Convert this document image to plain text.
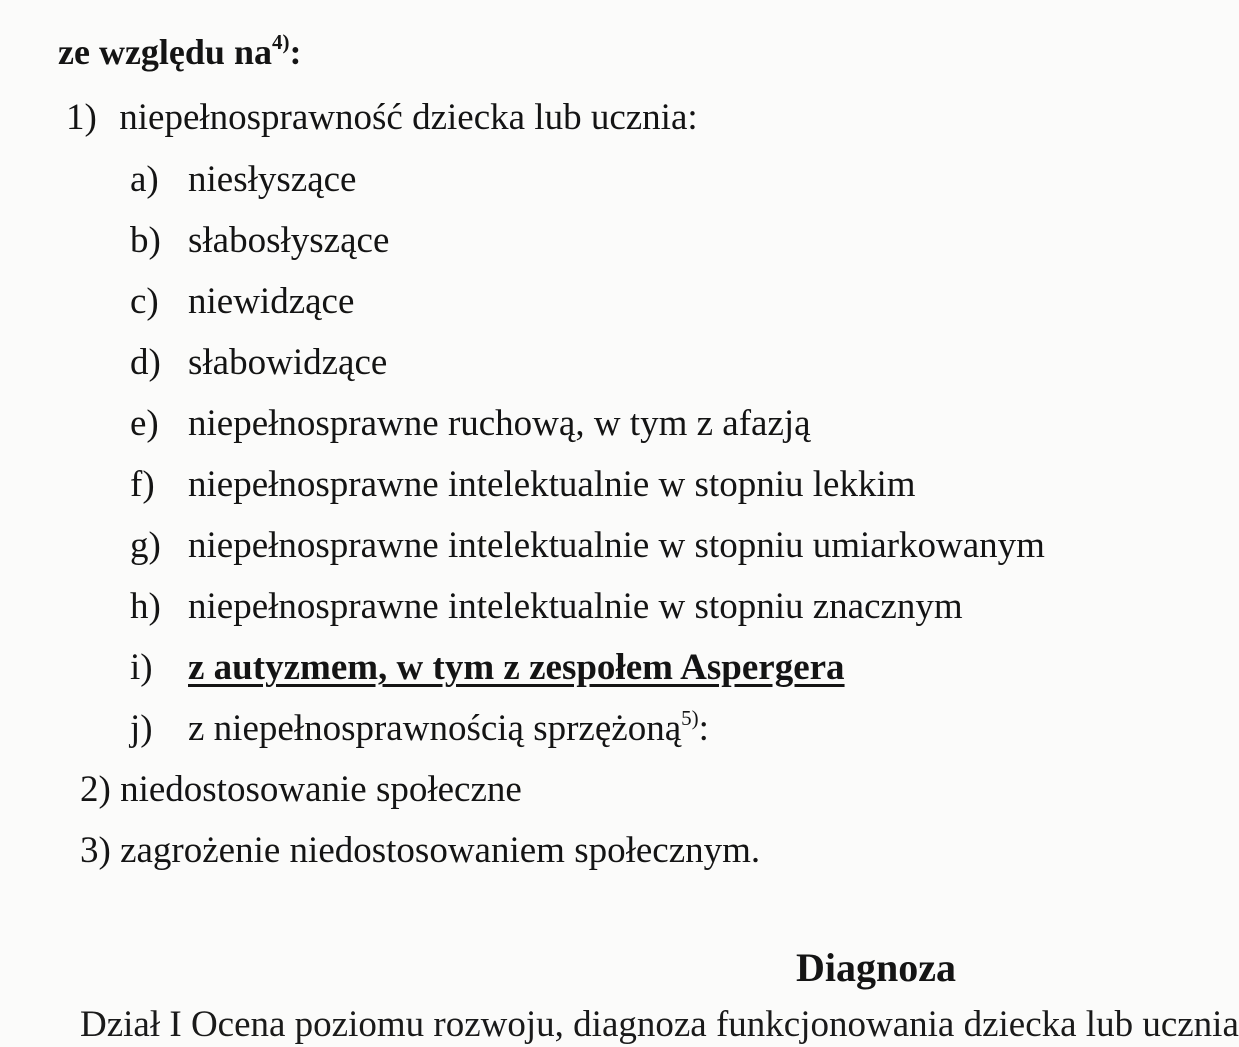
ze względu $na^{4)}$:
1) niepełnosprawność dziecka lub ucznia:
a) niesłyszące
b) słabosłyszące
c) niewidzące
d) słabowidzące
e) niepełnosprawne ruchową, w tym z afazją
f) niepełnosprawne intelektualnie w stopniu lekkim
g) niepełnosprawne intelektualnie w stopniu umiarkowanym
h) niepełnosprawne intelektualnie w stopniu znacznym
i) z autyzmem, w tym z zespołem Aspergera
j) z niepełnosprawnością sprzężoną$^{5)}$:
2) niedostosowanie społeczne
3) zagrożenie niedostosowaniem społecznym.
Diagnoza
Dział I Ocena poziomu rozwoju, diagnoza funkcjonowania dziecka lub ucznia
